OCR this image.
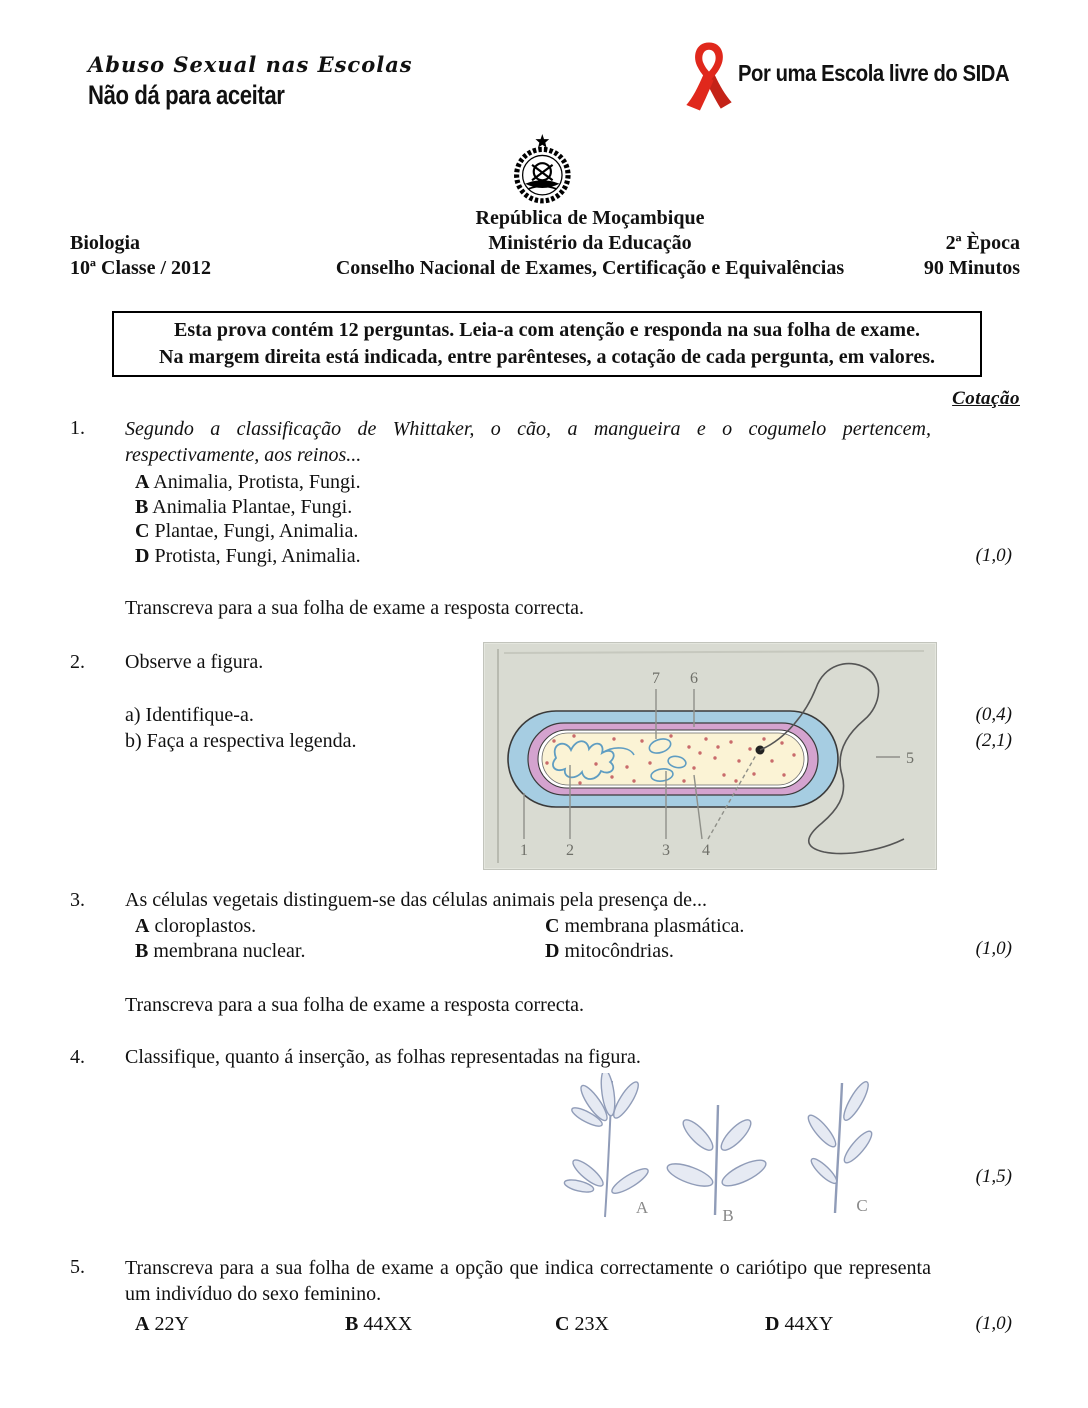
Abuso Sexual nas Escolas
Não dá para aceitar
Por uma Escola livre do SIDA
República de Moçambique
Biologia	Ministério da Educação	2ª Època
10ª Classe / 2012	Conselho Nacional de Exames, Certificação e Equivalências	90 Minutos
Esta prova contém 12 perguntas. Leia-a com atenção e responda na sua folha de exame.
Na margem direita está indicada, entre parênteses, a cotação de cada pergunta, em valores.
Cotação
1.	Segundo a classificação de Whittaker, o cão, a mangueira e o cogumelo pertencem, respectivamente, aos reinos...
A Animalia, Protista, Fungi.
B Animalia Plantae, Fungi.
C Plantae, Fungi, Animalia.
D Protista, Fungi, Animalia.	(1,0)
Transcreva para a sua folha de exame a resposta correcta.
2.	Observe a figura.
a) Identifique-a.	(0,4)
b) Faça a respectiva legenda.	(2,1)
7 6
1 2	3 4
5
3.	As células vegetais distinguem-se das células animais pela presença de...
A cloroplastos.	C membrana plasmática.
B membrana nuclear.	D mitocôndrias.	(1,0)
Transcreva para a sua folha de exame a resposta correcta.
4.	Classifique, quanto á inserção, as folhas representadas na figura.
A	B
C
(1,5)
5.	Transcreva para a sua folha de exame a opção que indica correctamente o cariótipo que representa um indivíduo do sexo feminino.
A 22Y	B 44XX	C 23X	D 44XY	(1,0)
